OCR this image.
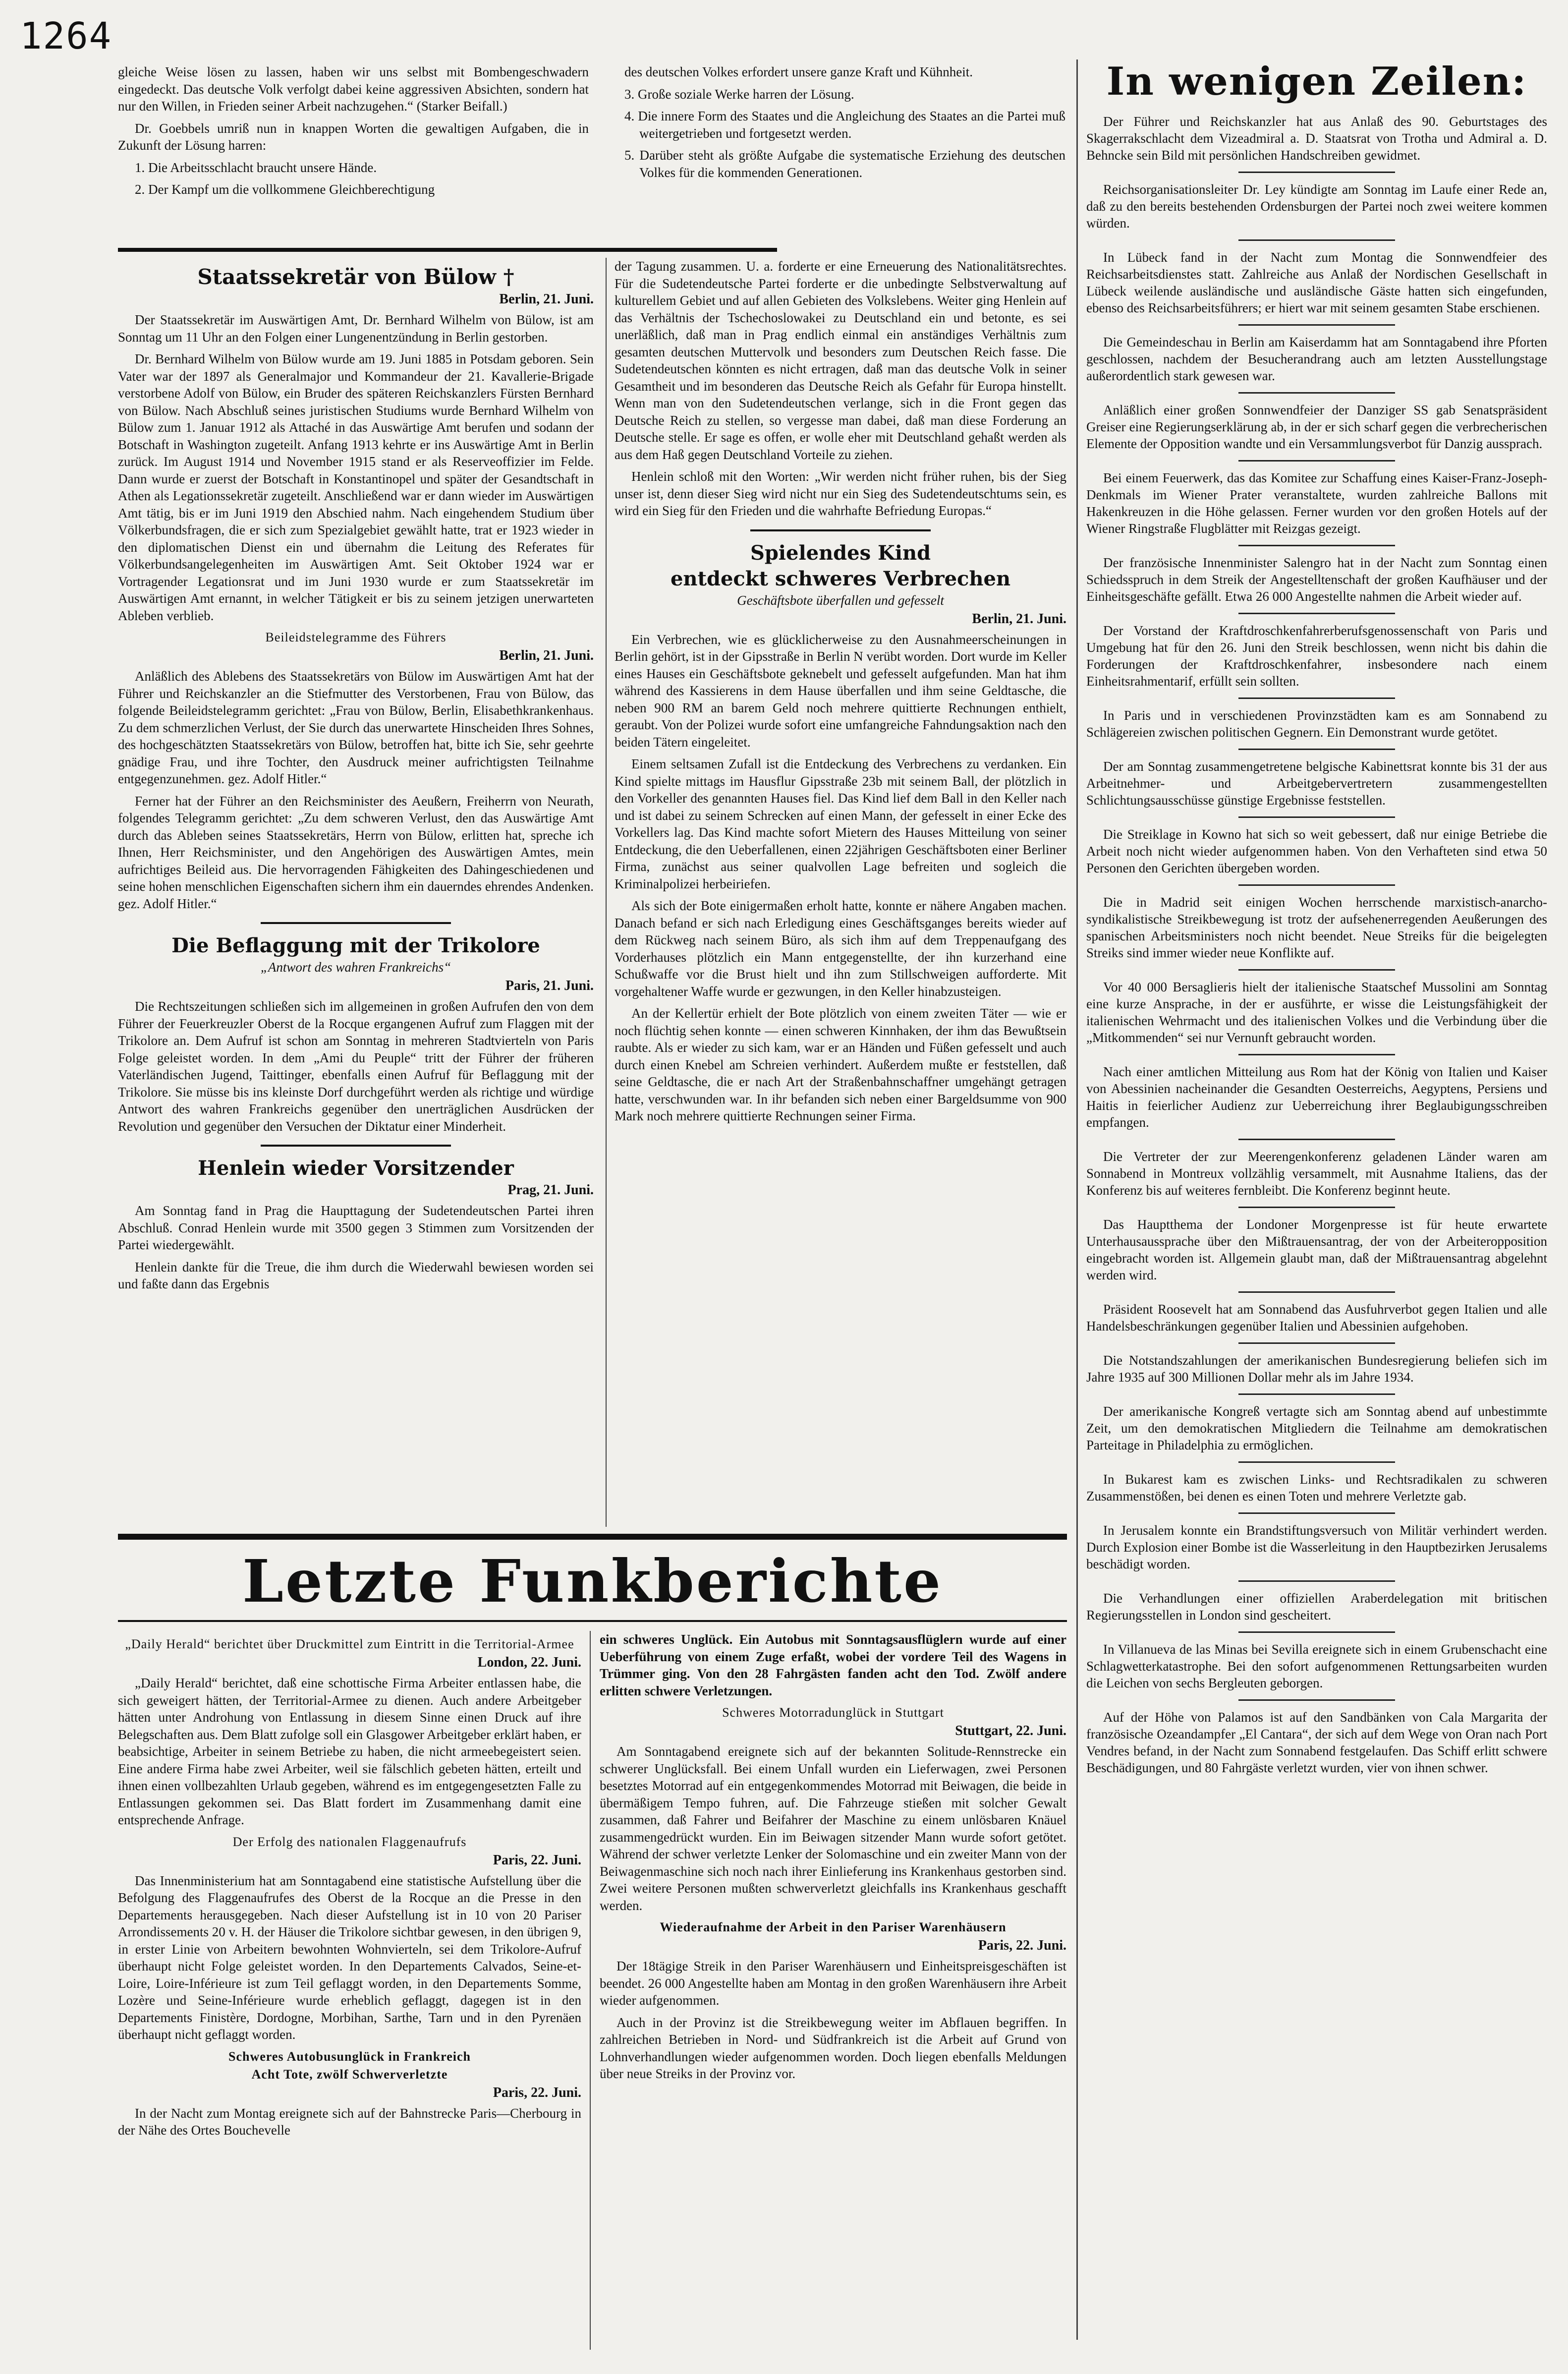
1264

gleiche Weise lösen zu lassen, haben wir uns selbst mit Bombengeschwadern eingedeckt. Das deutsche Volk verfolgt dabei keine aggressiven Absichten, sondern hat nur den Willen, in Frieden seiner Arbeit nachzugehen.“ (Starker Beifall.)

Dr. Goebbels umriß nun in knappen Worten die gewaltigen Aufgaben, die in Zukunft der Lösung harren:

1. Die Arbeitsschlacht braucht unsere Hände.

2. Der Kampf um die vollkommene Gleichberechtigung

des deutschen Volkes erfordert unsere ganze Kraft und Kühnheit.

3. Große soziale Werke harren der Lösung.

4. Die innere Form des Staates und die Angleichung des Staates an die Partei muß weitergetrieben und fortgesetzt werden.

5. Darüber steht als größte Aufgabe die systematische Erziehung des deutschen Volkes für die kommenden Generationen.

Staatssekretär von Bülow †
Berlin, 21. Juni.

Der Staatssekretär im Auswärtigen Amt, Dr. Bernhard Wilhelm von Bülow, ist am Sonntag um 11 Uhr an den Folgen einer Lungenentzündung in Berlin gestorben.

Dr. Bernhard Wilhelm von Bülow wurde am 19. Juni 1885 in Potsdam geboren. Sein Vater war der 1897 als Generalmajor und Kommandeur der 21. Kavallerie-Brigade verstorbene Adolf von Bülow, ein Bruder des späteren Reichskanzlers Fürsten Bernhard von Bülow. Nach Abschluß seines juristischen Studiums wurde Bernhard Wilhelm von Bülow zum 1. Januar 1912 als Attaché in das Auswärtige Amt berufen und sodann der Botschaft in Washington zugeteilt. Anfang 1913 kehrte er ins Auswärtige Amt in Berlin zurück. Im August 1914 und November 1915 stand er als Reserveoffizier im Felde. Dann wurde er zuerst der Botschaft in Konstantinopel und später der Gesandtschaft in Athen als Legationssekretär zugeteilt. Anschließend war er dann wieder im Auswärtigen Amt tätig, bis er im Juni 1919 den Abschied nahm. Nach eingehendem Studium über Völkerbundsfragen, die er sich zum Spezialgebiet gewählt hatte, trat er 1923 wieder in den diplomatischen Dienst ein und übernahm die Leitung des Referates für Völkerbundsangelegenheiten im Auswärtigen Amt. Seit Oktober 1924 war er Vortragender Legationsrat und im Juni 1930 wurde er zum Staatssekretär im Auswärtigen Amt ernannt, in welcher Tätigkeit er bis zu seinem jetzigen unerwarteten Ableben verblieb.

Beileidstelegramme des Führers
Berlin, 21. Juni.

Anläßlich des Ablebens des Staatssekretärs von Bülow im Auswärtigen Amt hat der Führer und Reichskanzler an die Stiefmutter des Verstorbenen, Frau von Bülow, das folgende Beileidstelegramm gerichtet: „Frau von Bülow, Berlin, Elisabethkrankenhaus. Zu dem schmerzlichen Verlust, der Sie durch das unerwartete Hinscheiden Ihres Sohnes, des hochgeschätzten Staatssekretärs von Bülow, betroffen hat, bitte ich Sie, sehr geehrte gnädige Frau, und ihre Tochter, den Ausdruck meiner aufrichtigsten Teilnahme entgegenzunehmen. gez. Adolf Hitler.“

Ferner hat der Führer an den Reichsminister des Aeußern, Freiherrn von Neurath, folgendes Telegramm gerichtet: „Zu dem schweren Verlust, den das Auswärtige Amt durch das Ableben seines Staatssekretärs, Herrn von Bülow, erlitten hat, spreche ich Ihnen, Herr Reichsminister, und den Angehörigen des Auswärtigen Amtes, mein aufrichtiges Beileid aus. Die hervorragenden Fähigkeiten des Dahingeschiedenen und seine hohen menschlichen Eigenschaften sichern ihm ein dauerndes ehrendes Andenken. gez. Adolf Hitler.“

Die Beflaggung mit der Trikolore
„Antwort des wahren Frankreichs“
Paris, 21. Juni.

Die Rechtszeitungen schließen sich im allgemeinen in großen Aufrufen den von dem Führer der Feuerkreuzler Oberst de la Rocque ergangenen Aufruf zum Flaggen mit der Trikolore an. Dem Aufruf ist schon am Sonntag in mehreren Stadtvierteln von Paris Folge geleistet worden. In dem „Ami du Peuple“ tritt der Führer der früheren Vaterländischen Jugend, Taittinger, ebenfalls einen Aufruf für Beflaggung mit der Trikolore. Sie müsse bis ins kleinste Dorf durchgeführt werden als richtige und würdige Antwort des wahren Frankreichs gegenüber den unerträglichen Ausdrücken der Revolution und gegenüber den Versuchen der Diktatur einer Minderheit.

Henlein wieder Vorsitzender
Prag, 21. Juni.

Am Sonntag fand in Prag die Haupttagung der Sudetendeutschen Partei ihren Abschluß. Conrad Henlein wurde mit 3500 gegen 3 Stimmen zum Vorsitzenden der Partei wiedergewählt.

Henlein dankte für die Treue, die ihm durch die Wiederwahl bewiesen worden sei und faßte dann das Ergebnis

der Tagung zusammen. U. a. forderte er eine Erneuerung des Nationalitätsrechtes. Für die Sudetendeutsche Partei forderte er die unbedingte Selbstverwaltung auf kulturellem Gebiet und auf allen Gebieten des Volkslebens. Weiter ging Henlein auf das Verhältnis der Tschechoslowakei zu Deutschland ein und betonte, es sei unerläßlich, daß man in Prag endlich einmal ein anständiges Verhältnis zum gesamten deutschen Muttervolk und besonders zum Deutschen Reich fasse. Die Sudetendeutschen könnten es nicht ertragen, daß man das deutsche Volk in seiner Gesamtheit und im besonderen das Deutsche Reich als Gefahr für Europa hinstellt. Wenn man von den Sudetendeutschen verlange, sich in die Front gegen das Deutsche Reich zu stellen, so vergesse man dabei, daß man diese Forderung an Deutsche stelle. Er sage es offen, er wolle eher mit Deutschland gehaßt werden als aus dem Haß gegen Deutschland Vorteile zu ziehen.

Henlein schloß mit den Worten: „Wir werden nicht früher ruhen, bis der Sieg unser ist, denn dieser Sieg wird nicht nur ein Sieg des Sudetendeutschtums sein, es wird ein Sieg für den Frieden und die wahrhafte Befriedung Europas.“

Spielendes Kind
entdeckt schweres Verbrechen
Geschäftsbote überfallen und gefesselt
Berlin, 21. Juni.

Ein Verbrechen, wie es glücklicherweise zu den Ausnahmeerscheinungen in Berlin gehört, ist in der Gipsstraße in Berlin N verübt worden. Dort wurde im Keller eines Hauses ein Geschäftsbote geknebelt und gefesselt aufgefunden. Man hat ihm während des Kassierens in dem Hause überfallen und ihm seine Geldtasche, die neben 900 RM an barem Geld noch mehrere quittierte Rechnungen enthielt, geraubt. Von der Polizei wurde sofort eine umfangreiche Fahndungsaktion nach den beiden Tätern eingeleitet.

Einem seltsamen Zufall ist die Entdeckung des Verbrechens zu verdanken. Ein Kind spielte mittags im Hausflur Gipsstraße 23b mit seinem Ball, der plötzlich in den Vorkeller des genannten Hauses fiel. Das Kind lief dem Ball in den Keller nach und ist dabei zu seinem Schrecken auf einen Mann, der gefesselt in einer Ecke des Vorkellers lag. Das Kind machte sofort Mietern des Hauses Mitteilung von seiner Entdeckung, die den Ueberfallenen, einen 22jährigen Geschäftsboten einer Berliner Firma, zunächst aus seiner qualvollen Lage befreiten und sogleich die Kriminalpolizei herbeiriefen.

Als sich der Bote einigermaßen erholt hatte, konnte er nähere Angaben machen. Danach befand er sich nach Erledigung eines Geschäftsganges bereits wieder auf dem Rückweg nach seinem Büro, als sich ihm auf dem Treppenaufgang des Vorderhauses plötzlich ein Mann entgegenstellte, der ihn kurzerhand eine Schußwaffe vor die Brust hielt und ihn zum Stillschweigen aufforderte. Mit vorgehaltener Waffe wurde er gezwungen, in den Keller hinabzusteigen.

An der Kellertür erhielt der Bote plötzlich von einem zweiten Täter — wie er noch flüchtig sehen konnte — einen schweren Kinnhaken, der ihm das Bewußtsein raubte. Als er wieder zu sich kam, war er an Händen und Füßen gefesselt und auch durch einen Knebel am Schreien verhindert. Außerdem mußte er feststellen, daß seine Geldtasche, die er nach Art der Straßenbahnschaffner umgehängt getragen hatte, verschwunden war. In ihr befanden sich neben einer Bargeldsumme von 900 Mark noch mehrere quittierte Rechnungen seiner Firma.

Letzte Funkberichte
„Daily Herald“ berichtet über Druckmittel zum Eintritt in die Territorial-Armee
London, 22. Juni.

„Daily Herald“ berichtet, daß eine schottische Firma Arbeiter entlassen habe, die sich geweigert hätten, der Territorial-Armee zu dienen. Auch andere Arbeitgeber hätten unter Androhung von Entlassung in diesem Sinne einen Druck auf ihre Belegschaften aus. Dem Blatt zufolge soll ein Glasgower Arbeitgeber erklärt haben, er beabsichtige, Arbeiter in seinem Betriebe zu haben, die nicht armeebegeistert seien. Eine andere Firma habe zwei Arbeiter, weil sie fälschlich gebeten hätten, erteilt und ihnen einen vollbezahlten Urlaub gegeben, während es im entgegengesetzten Falle zu Entlassungen gekommen sei. Das Blatt fordert im Zusammenhang damit eine entsprechende Anfrage.

Der Erfolg des nationalen Flaggenaufrufs
Paris, 22. Juni.

Das Innenministerium hat am Sonntagabend eine statistische Aufstellung über die Befolgung des Flaggenaufrufes des Oberst de la Rocque an die Presse in den Departements herausgegeben. Nach dieser Aufstellung ist in 10 von 20 Pariser Arrondissements 20 v. H. der Häuser die Trikolore sichtbar gewesen, in den übrigen 9, in erster Linie von Arbeitern bewohnten Wohnvierteln, sei dem Trikolore-Aufruf überhaupt nicht Folge geleistet worden. In den Departements Calvados, Seine-et-Loire, Loire-Inférieure ist zum Teil geflaggt worden, in den Departements Somme, Lozère und Seine-Inférieure wurde erheblich geflaggt, dagegen ist in den Departements Finistère, Dordogne, Morbihan, Sarthe, Tarn und in den Pyrenäen überhaupt nicht geflaggt worden.

Schweres Autobusunglück in Frankreich
Acht Tote, zwölf Schwerverletzte
Paris, 22. Juni.

In der Nacht zum Montag ereignete sich auf der Bahnstrecke Paris—Cherbourg in der Nähe des Ortes Bouchevelle

ein schweres Unglück. Ein Autobus mit Sonntagsausflüglern wurde auf einer Ueberführung von einem Zuge erfaßt, wobei der vordere Teil des Wagens in Trümmer ging. Von den 28 Fahrgästen fanden acht den Tod. Zwölf andere erlitten schwere Verletzungen.

Schweres Motorradunglück in Stuttgart
Stuttgart, 22. Juni.

Am Sonntagabend ereignete sich auf der bekannten Solitude-Rennstrecke ein schwerer Unglücksfall. Bei einem Unfall wurden ein Lieferwagen, zwei Personen besetztes Motorrad auf ein entgegenkommendes Motorrad mit Beiwagen, die beide in übermäßigem Tempo fuhren, auf. Die Fahrzeuge stießen mit solcher Gewalt zusammen, daß Fahrer und Beifahrer der Maschine zu einem unlösbaren Knäuel zusammengedrückt wurden. Ein im Beiwagen sitzender Mann wurde sofort getötet. Während der schwer verletzte Lenker der Solomaschine und ein zweiter Mann von der Beiwagenmaschine sich noch nach ihrer Einlieferung ins Krankenhaus gestorben sind. Zwei weitere Personen mußten schwerverletzt gleichfalls ins Krankenhaus geschafft werden.

Wiederaufnahme der Arbeit in den Pariser Warenhäusern
Paris, 22. Juni.

Der 18tägige Streik in den Pariser Warenhäusern und Einheitspreisgeschäften ist beendet. 26 000 Angestellte haben am Montag in den großen Warenhäusern ihre Arbeit wieder aufgenommen.

Auch in der Provinz ist die Streikbewegung weiter im Abflauen begriffen. In zahlreichen Betrieben in Nord- und Südfrankreich ist die Arbeit auf Grund von Lohnverhandlungen wieder aufgenommen worden. Doch liegen ebenfalls Meldungen über neue Streiks in der Provinz vor.

In wenigen Zeilen:

Der Führer und Reichskanzler hat aus Anlaß des 90. Geburtstages des Skagerrakschlacht dem Vizeadmiral a. D. Staatsrat von Trotha und Admiral a. D. Behncke sein Bild mit persönlichen Handschreiben gewidmet.

Reichsorganisationsleiter Dr. Ley kündigte am Sonntag im Laufe einer Rede an, daß zu den bereits bestehenden Ordensburgen der Partei noch zwei weitere kommen würden.

In Lübeck fand in der Nacht zum Montag die Sonnwendfeier des Reichsarbeitsdienstes statt. Zahlreiche aus Anlaß der Nordischen Gesellschaft in Lübeck weilende ausländische und ausländische Gäste hatten sich eingefunden, ebenso des Reichsarbeitsführers; er hiert war mit seinem gesamten Stabe erschienen.

Die Gemeindeschau in Berlin am Kaiserdamm hat am Sonntagabend ihre Pforten geschlossen, nachdem der Besucherandrang auch am letzten Ausstellungstage außerordentlich stark gewesen war.

Anläßlich einer großen Sonnwendfeier der Danziger SS gab Senatspräsident Greiser eine Regierungserklärung ab, in der er sich scharf gegen die verbrecherischen Elemente der Opposition wandte und ein Versammlungsverbot für Danzig aussprach.

Bei einem Feuerwerk, das das Komitee zur Schaffung eines Kaiser-Franz-Joseph-Denkmals im Wiener Prater veranstaltete, wurden zahlreiche Ballons mit Hakenkreuzen in die Höhe gelassen. Ferner wurden vor den großen Hotels auf der Wiener Ringstraße Flugblätter mit Reizgas gezeigt.

Der französische Innenminister Salengro hat in der Nacht zum Sonntag einen Schiedsspruch in dem Streik der Angestelltenschaft der großen Kaufhäuser und der Einheitsgeschäfte gefällt. Etwa 26 000 Angestellte nahmen die Arbeit wieder auf.

Der Vorstand der Kraftdroschkenfahrerberufsgenossenschaft von Paris und Umgebung hat für den 26. Juni den Streik beschlossen, wenn nicht bis dahin die Forderungen der Kraftdroschkenfahrer, insbesondere nach einem Einheitsrahmentarif, erfüllt sein sollten.

In Paris und in verschiedenen Provinzstädten kam es am Sonnabend zu Schlägereien zwischen politischen Gegnern. Ein Demonstrant wurde getötet.

Der am Sonntag zusammengetretene belgische Kabinettsrat konnte bis 31 der aus Arbeitnehmer- und Arbeitgebervertretern zusammengestellten Schlichtungsausschüsse günstige Ergebnisse feststellen.

Die Streiklage in Kowno hat sich so weit gebessert, daß nur einige Betriebe die Arbeit noch nicht wieder aufgenommen haben. Von den Verhafteten sind etwa 50 Personen den Gerichten übergeben worden.

Die in Madrid seit einigen Wochen herrschende marxistisch-anarcho-syndikalistische Streikbewegung ist trotz der aufsehenerregenden Aeußerungen des spanischen Arbeitsministers noch nicht beendet. Neue Streiks für die beigelegten Streiks sind immer wieder neue Konflikte auf.

Vor 40 000 Bersaglieris hielt der italienische Staatschef Mussolini am Sonntag eine kurze Ansprache, in der er ausführte, er wisse die Leistungsfähigkeit der italienischen Wehrmacht und des italienischen Volkes und die Verbindung über die „Mitkommenden“ sei nur Vernunft gebraucht worden.

Nach einer amtlichen Mitteilung aus Rom hat der König von Italien und Kaiser von Abessinien nacheinander die Gesandten Oesterreichs, Aegyptens, Persiens und Haitis in feierlicher Audienz zur Ueberreichung ihrer Beglaubigungsschreiben empfangen.

Die Vertreter der zur Meerengenkonferenz geladenen Länder waren am Sonnabend in Montreux vollzählig versammelt, mit Ausnahme Italiens, das der Konferenz bis auf weiteres fernbleibt. Die Konferenz beginnt heute.

Das Hauptthema der Londoner Morgenpresse ist für heute erwartete Unterhausaussprache über den Mißtrauensantrag, der von der Arbeiteropposition eingebracht worden ist. Allgemein glaubt man, daß der Mißtrauensantrag abgelehnt werden wird.

Präsident Roosevelt hat am Sonnabend das Ausfuhrverbot gegen Italien und alle Handelsbeschränkungen gegenüber Italien und Abessinien aufgehoben.

Die Notstandszahlungen der amerikanischen Bundesregierung beliefen sich im Jahre 1935 auf 300 Millionen Dollar mehr als im Jahre 1934.

Der amerikanische Kongreß vertagte sich am Sonntag abend auf unbestimmte Zeit, um den demokratischen Mitgliedern die Teilnahme am demokratischen Parteitage in Philadelphia zu ermöglichen.

In Bukarest kam es zwischen Links- und Rechtsradikalen zu schweren Zusammenstößen, bei denen es einen Toten und mehrere Verletzte gab.

In Jerusalem konnte ein Brandstiftungsversuch von Militär verhindert werden. Durch Explosion einer Bombe ist die Wasserleitung in den Hauptbezirken Jerusalems beschädigt worden.

Die Verhandlungen einer offiziellen Araberdelegation mit britischen Regierungsstellen in London sind gescheitert.

In Villanueva de las Minas bei Sevilla ereignete sich in einem Grubenschacht eine Schlagwetterkatastrophe. Bei den sofort aufgenommenen Rettungsarbeiten wurden die Leichen von sechs Bergleuten geborgen.

Auf der Höhe von Palamos ist auf den Sandbänken von Cala Margarita der französische Ozeandampfer „El Cantara“, der sich auf dem Wege von Oran nach Port Vendres befand, in der Nacht zum Sonnabend festgelaufen. Das Schiff erlitt schwere Beschädigungen, und 80 Fahrgäste verletzt wurden, vier von ihnen schwer.
